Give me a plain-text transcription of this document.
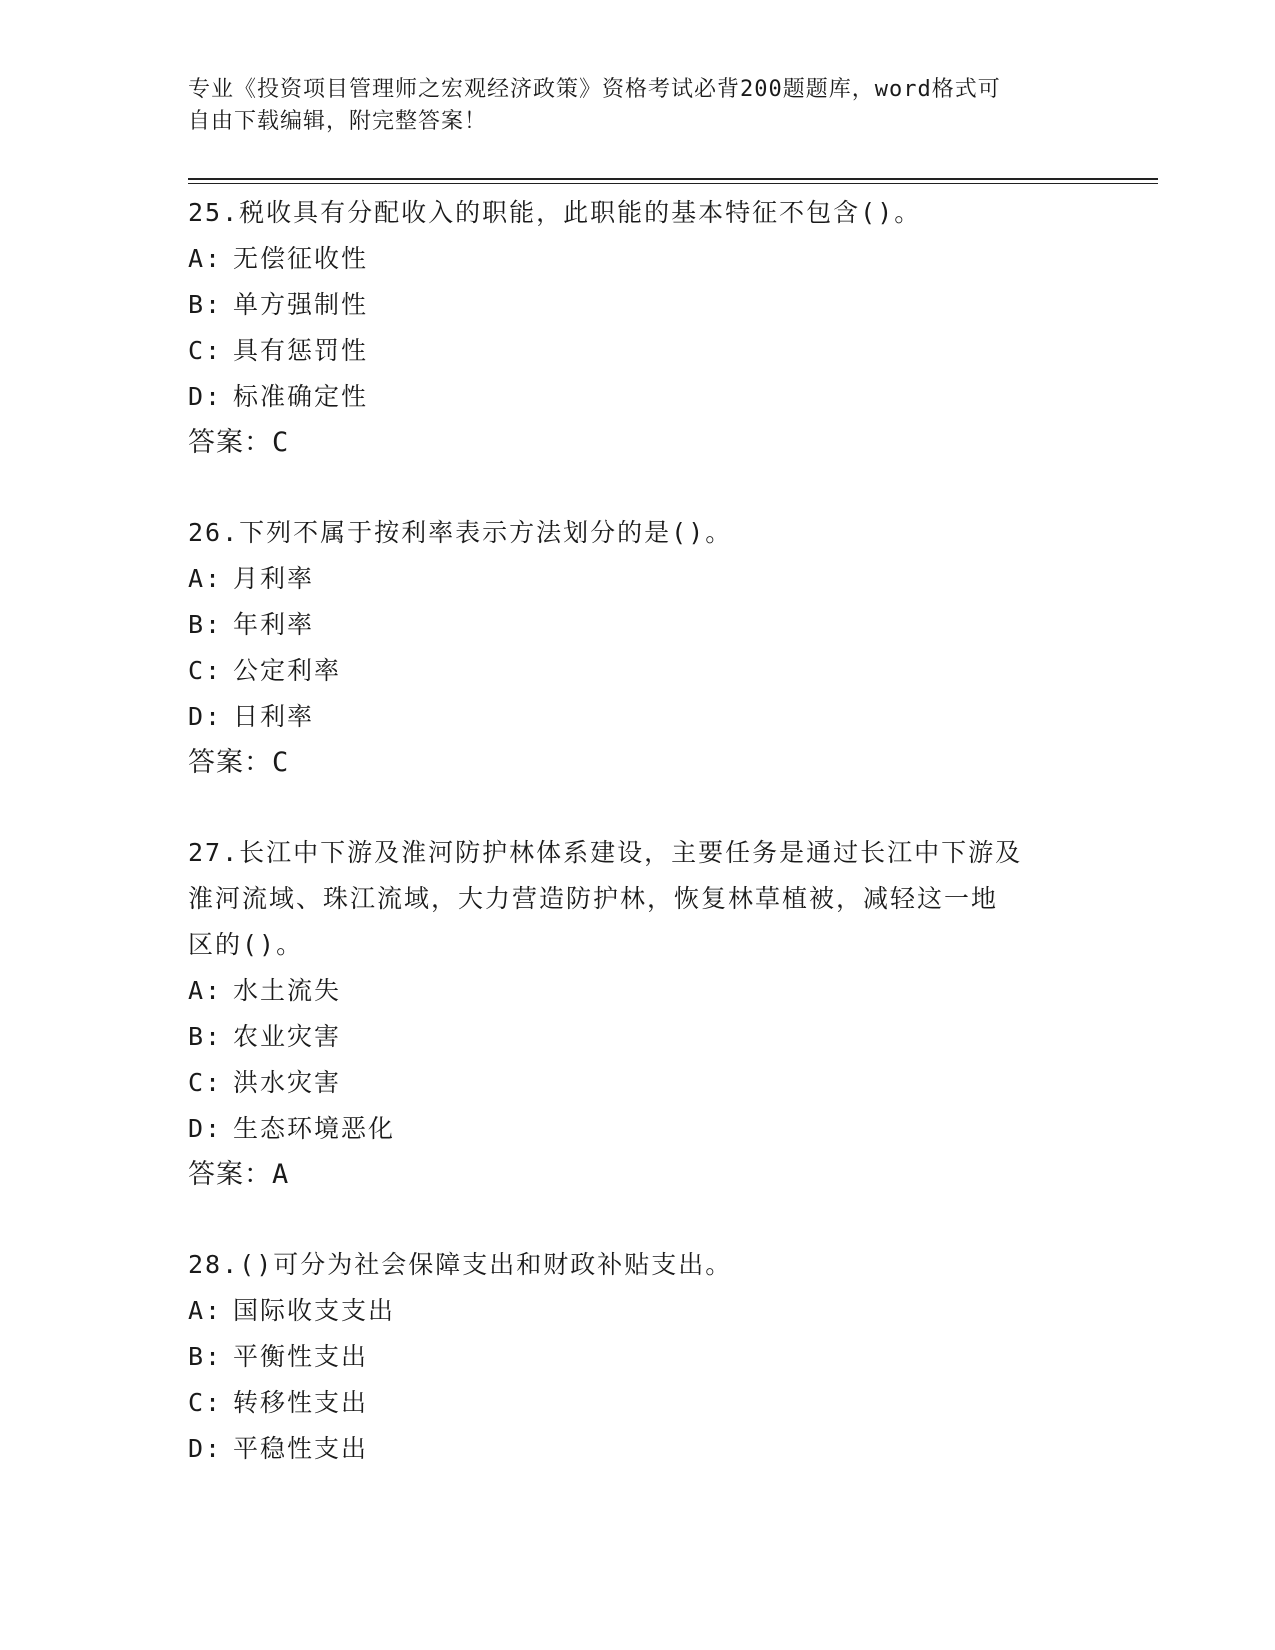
专业《投资项目管理师之宏观经济政策》资格考试必背200题题库，word格式可
自由下载编辑，附完整答案！
25.税收具有分配收入的职能，此职能的基本特征不包含()。
A: 无偿征收性
B: 单方强制性
C: 具有惩罚性
D: 标准确定性
答案：C
26.下列不属于按利率表示方法划分的是()。
A: 月利率
B: 年利率
C: 公定利率
D: 日利率
答案：C
27.长江中下游及淮河防护林体系建设，主要任务是通过长江中下游及
淮河流域、珠江流域，大力营造防护林，恢复林草植被，减轻这一地
区的()。
A: 水土流失
B: 农业灾害
C: 洪水灾害
D: 生态环境恶化
答案：A
28.()可分为社会保障支出和财政补贴支出。
A: 国际收支支出
B: 平衡性支出
C: 转移性支出
D: 平稳性支出
